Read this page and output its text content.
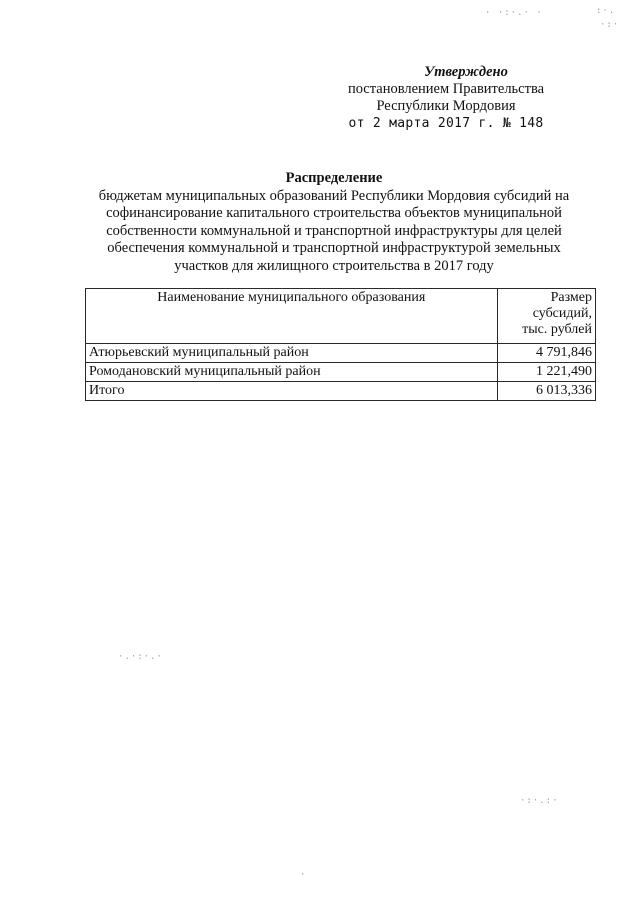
Утверждено
постановлением Правительства
Республики Мордовия
от 2 марта 2017 г. № 148
Распределение
бюджетам муниципальных образований Республики Мордовия субсидий на
софинансирование капитального строительства объектов муниципальной
собственности коммунальной и транспортной инфраструктуры для целей
обеспечения коммунальной и транспортной инфраструктурой земельных
участков для жилищного строительства в 2017 году
Наименование муниципального образования	Размер
субсидий,
тыс. рублей

Атюрьевский муниципальный район	4 791,846
Ромодановский муниципальный район	1 221,490
Итого	6 013,336
· ·:·.· ·	:·.
·:·
·.·:·.·
·:·.:·
·
